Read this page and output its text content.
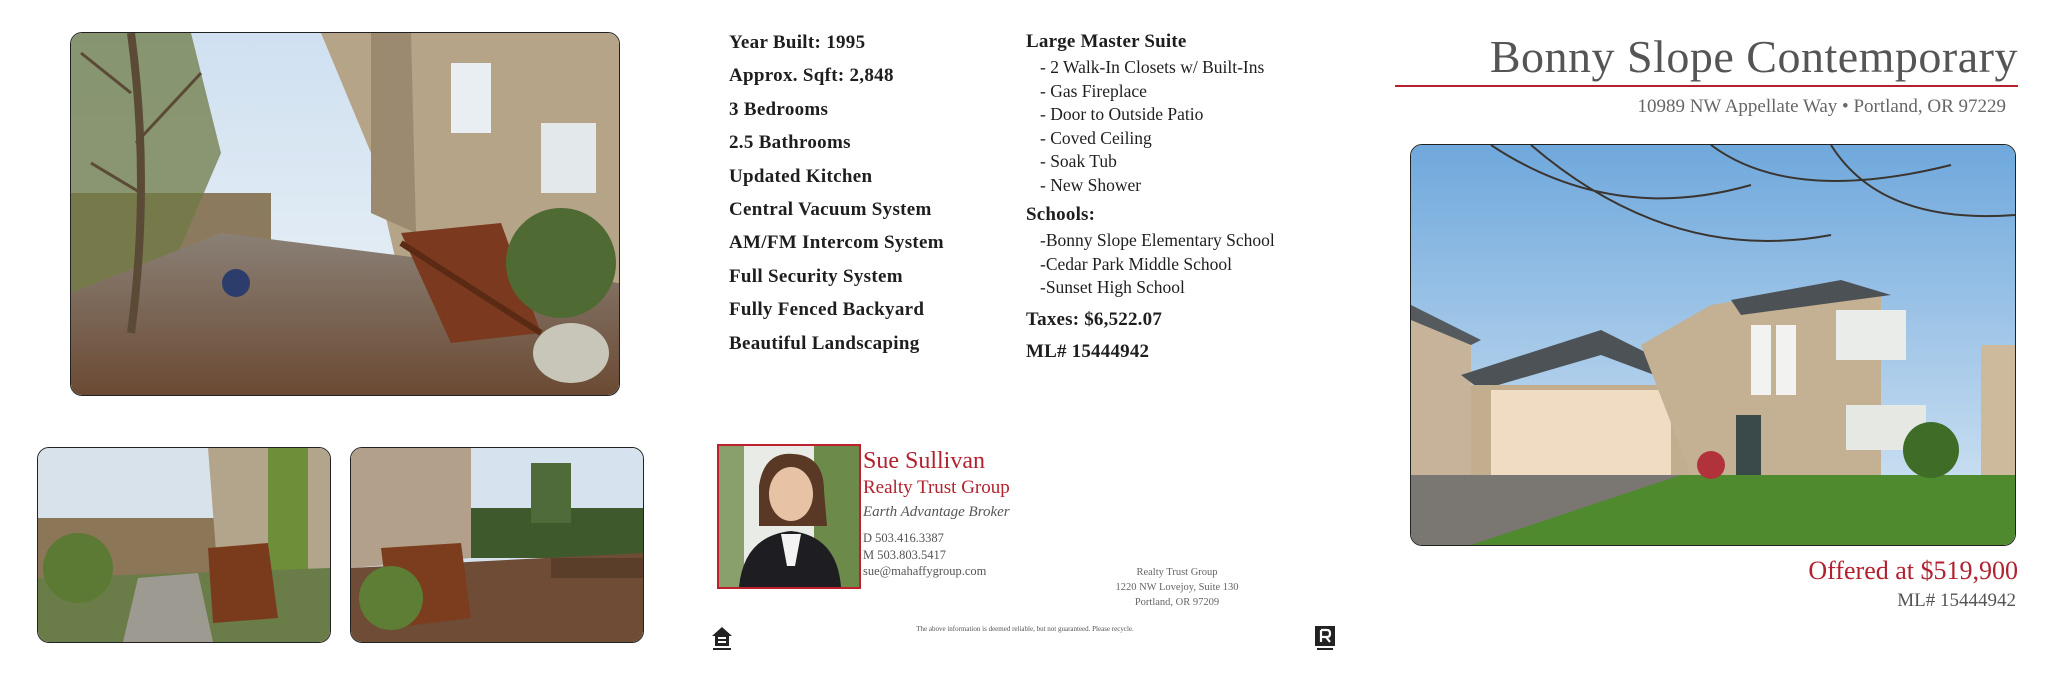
Year Built: 1995
Approx. Sqft: 2,848
3 Bedrooms
2.5 Bathrooms
Updated Kitchen
Central Vacuum System
AM/FM Intercom System
Full Security System
Fully Fenced Backyard
Beautiful Landscaping
Large Master Suite
- 2 Walk-In Closets w/ Built-Ins
- Gas Fireplace
- Door to Outside Patio
- Coved Ceiling
- Soak Tub
- New Shower
Schools:
-Bonny Slope Elementary School
-Cedar Park Middle School
-Sunset High School
Taxes: $6,522.07
ML# 15444942
Bonny Slope Contemporary
10989 NW Appellate Way • Portland, OR 97229
Offered at $519,900
ML# 15444942
Sue Sullivan
Realty Trust Group
Earth Advantage Broker
D 503.416.3387
M 503.803.5417
sue@mahaffygroup.com	Realty Trust Group
1220 NW Lovejoy, Suite 130
Portland, OR 97209
The above information is deemed reliable, but not guaranteed. Please recycle.
